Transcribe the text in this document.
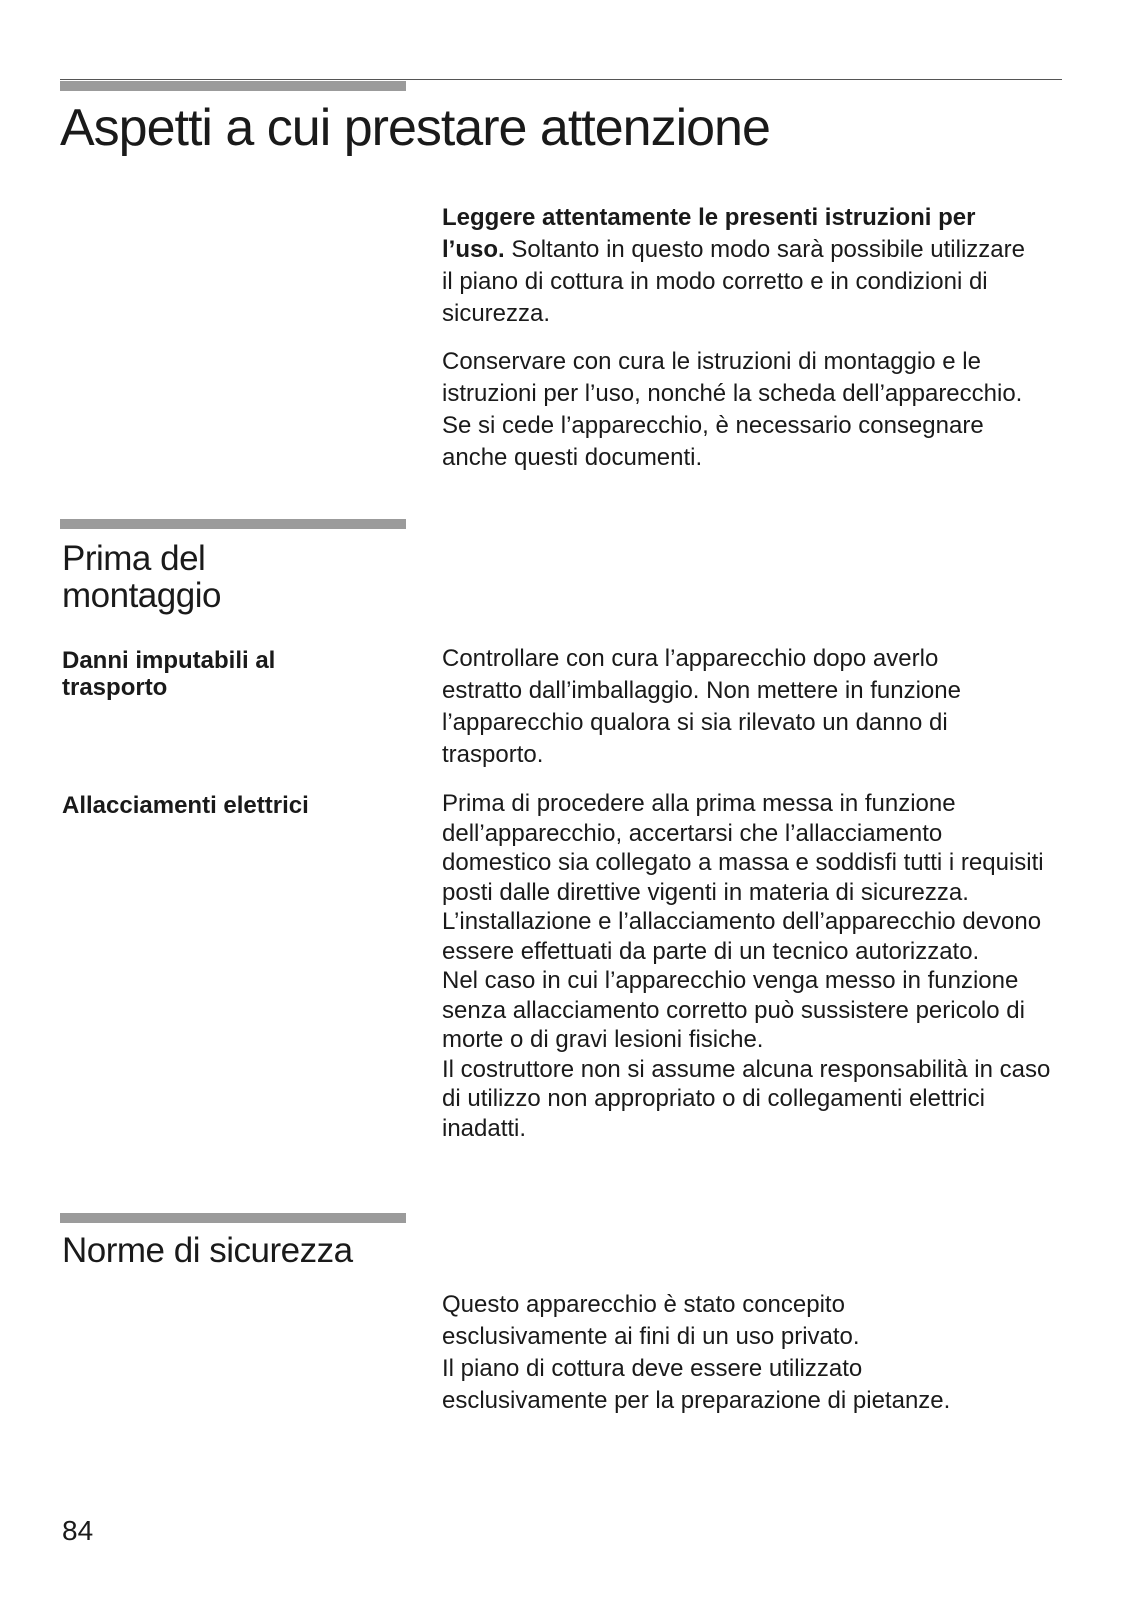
Aspetti a cui prestare attenzione

Leggere attentamente le presenti istruzioni per l’uso. Soltanto in questo modo sarà possibile utilizzare il piano di cottura in modo corretto e in condizioni di sicurezza.

Conservare con cura le istruzioni di montaggio e le istruzioni per l’uso, nonché la scheda dell’apparecchio. Se si cede l’apparecchio, è necessario consegnare anche questi documenti.

Prima del
montaggio
Danni imputabili al trasporto

Controllare con cura l’apparecchio dopo averlo estratto dall’imballaggio. Non mettere in funzione l’apparecchio qualora si sia rilevato un danno di trasporto.

Allacciamenti elettrici	Prima di procedere alla prima messa in funzione dell’apparecchio, accertarsi che l’allacciamento domestico sia collegato a massa e soddisfi tutti i requisiti posti dalle direttive vigenti in materia di sicurezza. L’installazione e l’allacciamento dell’apparecchio devono essere effettuati da parte di un tecnico autorizzato.
Nel caso in cui l’apparecchio venga messo in funzione senza allacciamento corretto può sussistere pericolo di morte o di gravi lesioni fisiche.
Il costruttore non si assume alcuna responsabilità in caso di utilizzo non appropriato o di collegamenti elettrici inadatti.
Norme di sicurezza
Questo apparecchio è stato concepito esclusivamente ai fini di un uso privato.
Il piano di cottura deve essere utilizzato esclusivamente per la preparazione di pietanze.
84
